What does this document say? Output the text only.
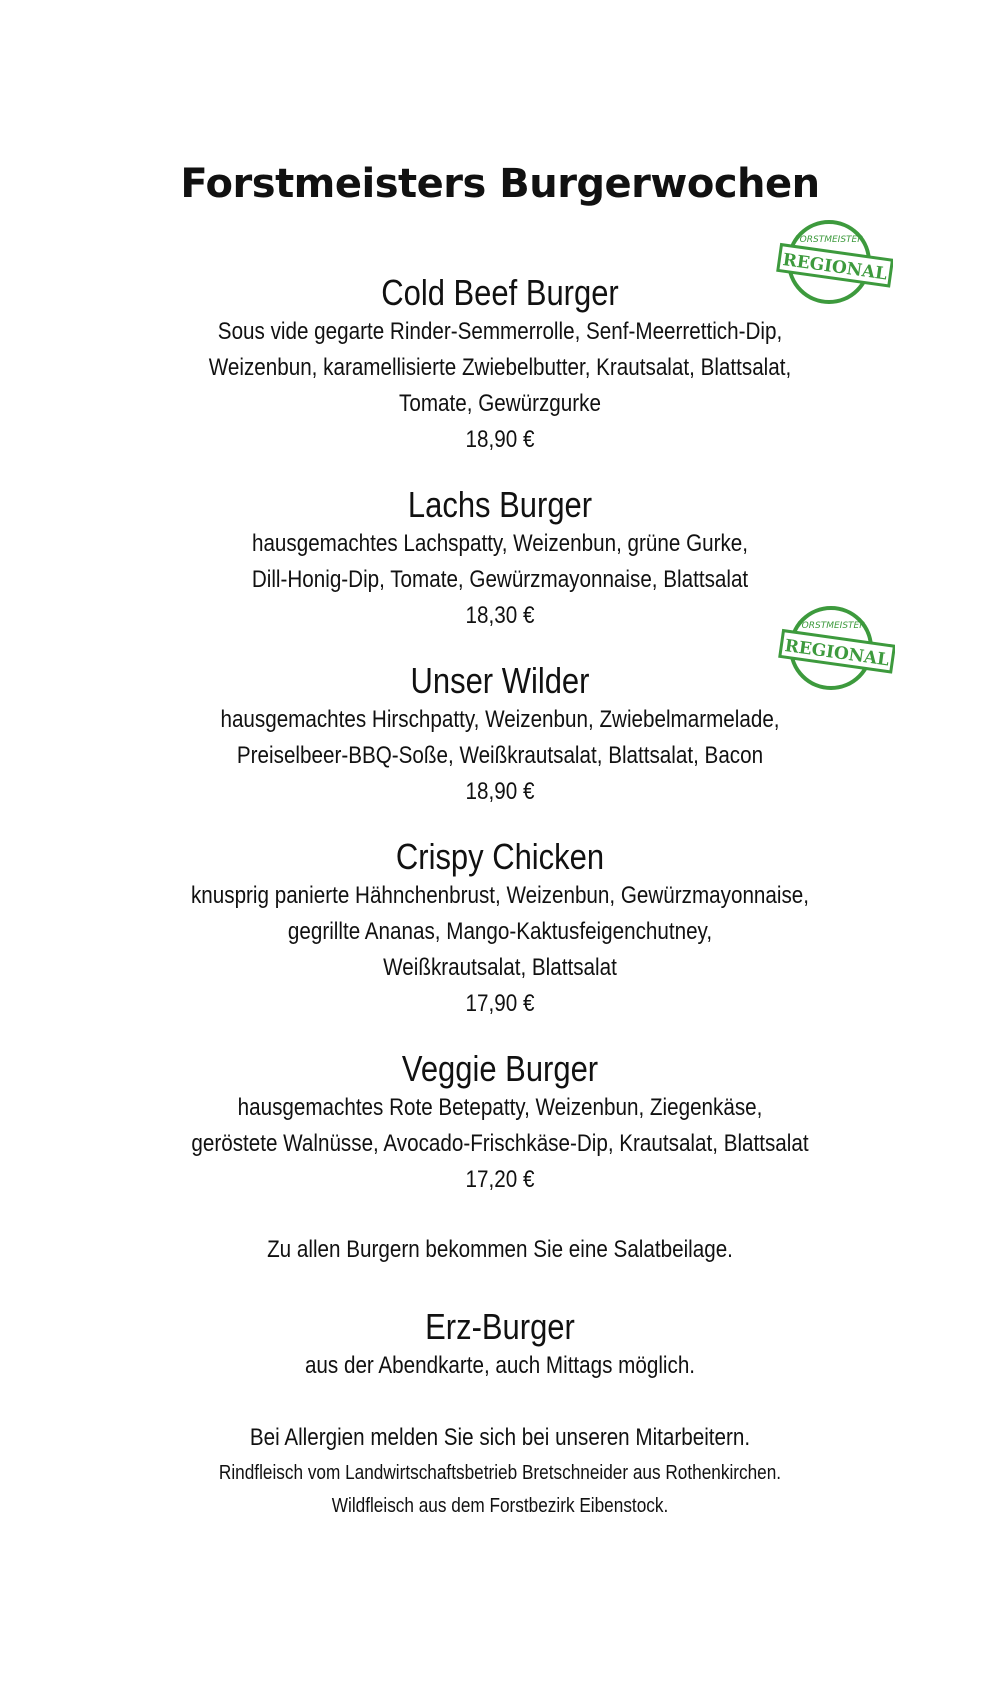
Forstmeisters Burgerwochen
FORSTMEISTER
REGIONAL
FORSTMEISTER
REGIONAL
Cold Beef Burger
Sous vide gegarte Rinder-Semmerrolle, Senf-Meerrettich-Dip,
Weizenbun, karamellisierte Zwiebelbutter, Krautsalat, Blattsalat,
Tomate, Gewürzgurke
18,90 €
Lachs Burger
hausgemachtes Lachspatty, Weizenbun, grüne Gurke,
Dill-Honig-Dip, Tomate, Gewürzmayonnaise, Blattsalat
18,30 €
Unser Wilder
hausgemachtes Hirschpatty, Weizenbun, Zwiebelmarmelade,
Preiselbeer-BBQ-Soße, Weißkrautsalat, Blattsalat, Bacon
18,90 €
Crispy Chicken
knusprig panierte Hähnchenbrust, Weizenbun, Gewürzmayonnaise,
gegrillte Ananas, Mango-Kaktusfeigenchutney,
Weißkrautsalat, Blattsalat
17,90 €
Veggie Burger
hausgemachtes Rote Betepatty, Weizenbun, Ziegenkäse,
geröstete Walnüsse, Avocado-Frischkäse-Dip, Krautsalat, Blattsalat
17,20 €
Zu allen Burgern bekommen Sie eine Salatbeilage.
Erz-Burger
aus der Abendkarte, auch Mittags möglich.
Bei Allergien melden Sie sich bei unseren Mitarbeitern.
Rindfleisch vom Landwirtschaftsbetrieb Bretschneider aus Rothenkirchen.
Wildfleisch aus dem Forstbezirk Eibenstock.
